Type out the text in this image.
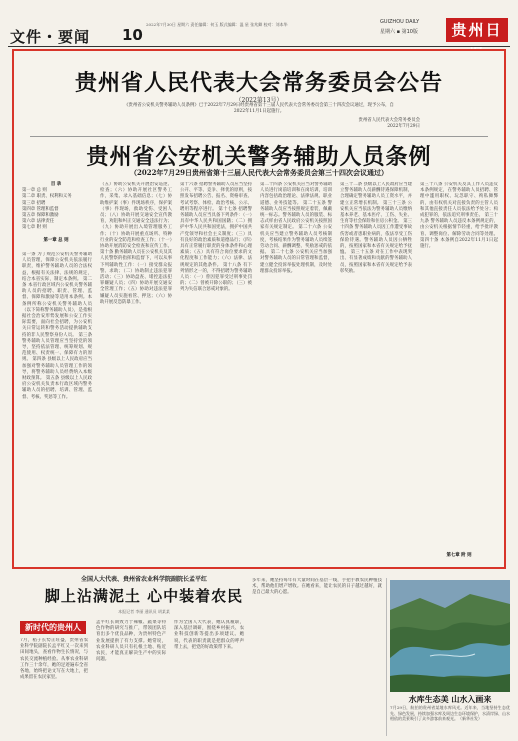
文件・要闻 10
2022年7月30日 星期六 责任编辑：何玉 版式编辑：温 星 张兆卿 校对：刘本华	GUIZHOU DAILY
星期六 ▪ 第10版	贵州日
贵州省人民代表大会常务委员会公告
（2022第13号）
《贵州省公安机关警务辅助人员条例》已于2022年7月29日经贵州省第十三届人民代表大会常务委员会第三十四次会议通过，现予公布，自2022年11月1日起施行。
贵州省人民代表大会常务委员会
2022年7月29日
贵州省公安机关警务辅助人员条例
（2022年7月29日贵州省第十三届人民代表大会常务委员会第三十四次会议通过）
目 录
第一章 总 则
第二章 职责、权利和义务
第三章 招聘
第四章 管理和监督
第五章 保障和激励
第六章 法律责任
第七章 附 则
第一章 总 则
第一条 为了规范公安机关警务辅助人员管理，保障公安机关依法履行职责，维护警务辅助人员的合法权益，根据有关法律、法规的规定，结合本省实际，制定本条例。 第二条 本省行政区域内公安机关警务辅助人员的招聘、职责、管理、监督、保障和激励等适用本条例。本条例所称公安机关警务辅助人员（以下简称警务辅助人员），是指根据社会治安形势发展和公安工作实际需要，面向社会招聘，为公安机关日常运转和警务活动提供辅助支持的非人民警察身份人员。 第三条 警务辅助人员管理应当坚持党的领导，坚持依法管理、统筹规划、规范使用、权责统一、保障有力的原则。 第四条 县级以上人民政府应当加强对警务辅助人员管理工作的领导，将警务辅助人员经费纳入本级财政预算。 第五条 县级以上人民政府公安机关负责本行政区域内警务辅助人员的招聘、培训、管理、监督、考核、奖惩等工作。
（五）协助公安机关开展治安巡逻、检查；（六）协助开展社区警务工作，采集、录入基础信息；（七）协助维护案（事）件现场秩序，保护案（事）件现场，救助受伤、受困人员；（八）协助开展交通安全宣传教育，劝阻和纠正交通安全违法行为；（九）协助开展出入境管理服务工作；（十）协助开展重点场所、特种行业的安全防范和检查工作；（十一）协助开展消防安全检查和宣传工作。 第十条 勤务辅助人员在公安机关及其人民警察的指挥和监督下，可以从事下列辅助性工作：（一）接受群众报警、求助；（二）协助制止违法犯罪活动；（三）协助盘查、堵控违法犯罪嫌疑人员；（四）协助开展交通安全管理工作；（五）协助对违法犯罪嫌疑人员实施看管、押送；（六）协助开展反恐防暴工作。
第十六条 招聘警务辅助人员应当坚持公开、平等、竞争、择优的原则，按照发布招聘公告、报名、资格审查、考试考察、体检、政治考核、公示、聘用等程序进行。 第十七条 招聘警务辅助人员应当具备下列条件：（一）具有中华人民共和国国籍；（二）拥护中华人民共和国宪法，拥护中国共产党领导和社会主义制度；（三）具有良好的政治素质和道德品行；（四）具有正常履行职责的身体条件和心理素质；（五）具有符合岗位要求的文化程度和工作能力；（六）法律、法规规定的其他条件。 第十八条 有下列情形之一的，不得招聘为警务辅助人员：（一）曾因犯罪受过刑事处罚的；（二）曾被开除公职的；（三）被列为失信联合惩戒对象的。
第二十四条 公安机关应当对警务辅助人员进行岗前培训和在岗培训，培训内容包括政治理论、法律法规、职业道德、业务技能等。 第二十五条 警务辅助人员应当按照规定着装，佩戴统一标志。警务辅助人员的服装、标志式样由省人民政府公安机关按照国家有关规定制定。 第二十六条 公安机关应当建立警务辅助人员考核制度，考核结果作为警务辅助人员续签劳动合同、薪酬调整、奖励惩戒的依据。 第二十七条 公安机关应当加强对警务辅助人员的日常管理和监督，建立健全投诉举报处理机制，及时处理群众投诉举报。
第三十二条 县级以上人民政府应当建立警务辅助人员薪酬待遇保障机制，合理确定警务辅助人员工资水平，并建立正常增长机制。 第三十三条 公安机关应当依法为警务辅助人员缴纳基本养老、基本医疗、工伤、失业、生育等社会保险和住房公积金。 第三十四条 警务辅助人员因工作遭受事故伤害或者患职业病的，依法享受工伤保险待遇。警务辅助人员因公牺牲的，按照国家和本省有关规定给予抚恤。 第三十五条 对在工作中表现突出、有显著成绩和贡献的警务辅助人员，按照国家和本省有关规定给予表彰奖励。
第三十八条 公安机关及其工作人员违反本条例规定，在警务辅助人员招聘、管理中滥用职权、玩忽职守、徇私舞弊的，由有权机关对直接负责的主管人员和其他直接责任人员依法给予处分；构成犯罪的，依法追究刑事责任。 第三十九条 警务辅助人员违反本条例规定的，由公安机关根据情节轻重，给予批评教育、调整岗位、解除劳动合同等处理。 第四十条 本条例自2022年11月1日起施行。
第七章 附 则
全国人大代表、贵州省农业科学院副院长孟平红
脚上沾满泥土 心中装着农民
本报记者 李丽 通讯员 胡某某
新时代的贵州人
7月，稻子长势正旺盛，贵州省农业科学院副院长孟平红又一次来到田间地头，查看作物生长情况，与农民交流种植经验。从事农业科研工作三十余年，她的足迹遍布全省各地，始终把论文写在大地上，把成果留在农民家里。
孟平红长期致力于辣椒、蔬菜等特色作物的研究与推广，带领团队培育出多个优良品种，为贵州特色产业发展提供了有力支撑。她常说，农业科研人员只有扎根土地、贴近农民，才能真正解决生产中的实际问题。
作为全国人大代表，她认真履职，深入基层调研，围绕乡村振兴、农业科技创新等提出多项建议。她说，代表的职责就是把群众的呼声带上去，把党的好政策带下来。
多年来，她坚持每年有大量时间在基层一线，手把手教农民种植技术，帮助他们增产增收。在她看来，能让农民的日子越过越好，就是自己最大的心愿。
水库生态美 山水入画来
7月29日，航拍的贵州省某地水库风光。近年来，当地坚持生态优先、绿色发展，持续加强水库及周边生态环境保护，水清岸绿、山水相依的美景吸引了众多游客前来观光。（新华社发）
